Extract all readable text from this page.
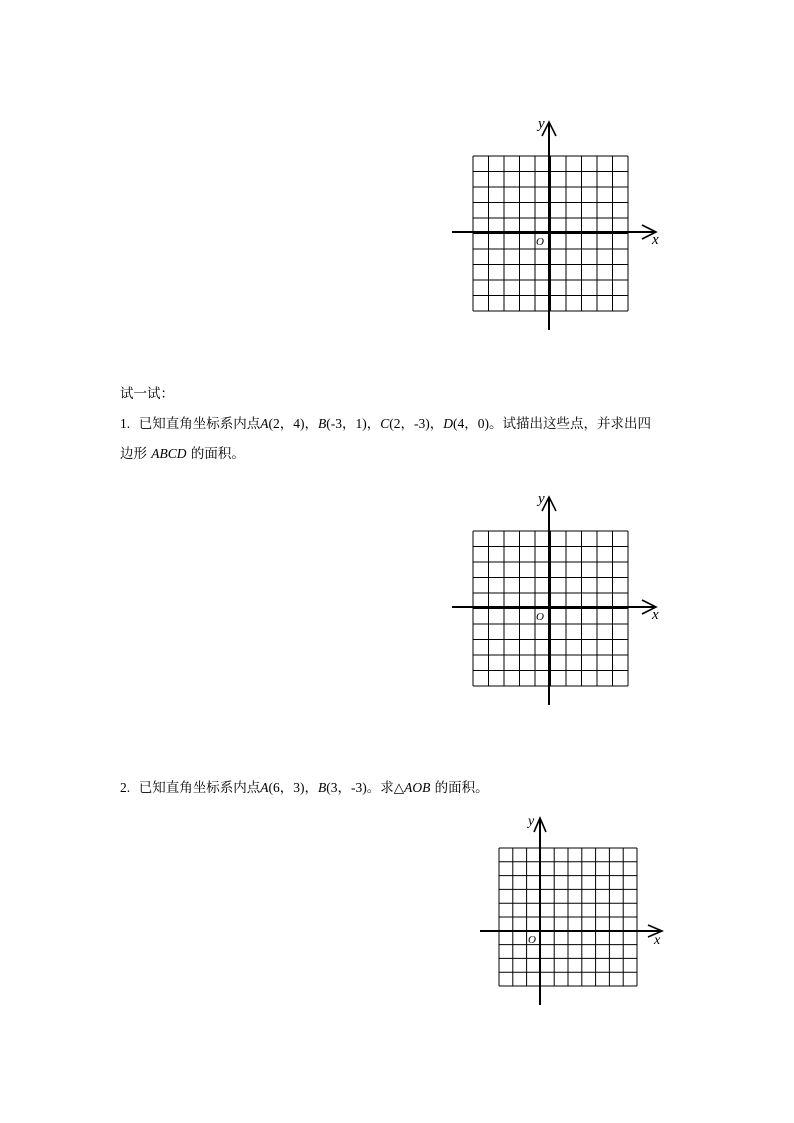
x
y
O
试一试：
1. 已知直角坐标系内点A(2，4)，B(-3，1)，C(2，-3)，D(4，0)。试描出这些点，并求出四
边形 ABCD 的面积。
x
y
O
2. 已知直角坐标系内点A(6，3)，B(3，-3)。求△AOB 的面积。
x
y
O
